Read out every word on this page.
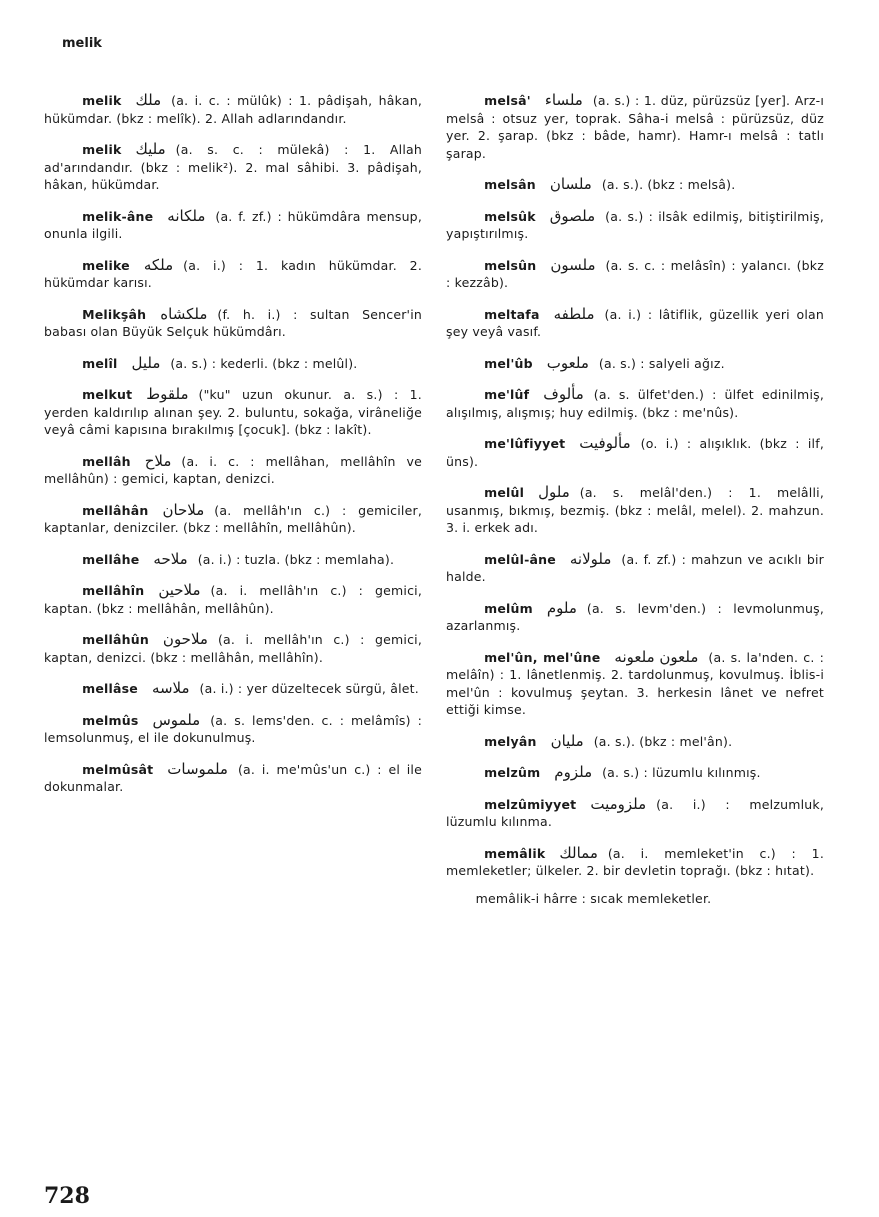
melik
   melik ملك (a. i. c. : mülûk) : 1. pâdişah, hâkan, hükümdar. (bkz : melîk). 2. Allah adlarındandır.
   melik مليك (a. s. c. : mülekâ) : 1. Allah ad'arındandır. (bkz : melik²). 2. mal sâhibi. 3. pâdişah, hâkan, hükümdar.
   melik-âne ملكانه (a. f. zf.) : hükümdâra mensup, onunla ilgili.
   melike ملكه (a. i.) : 1. kadın hükümdar. 2. hükümdar karısı.
   Melikşâh ملكشاه (f. h. i.) : sultan Sencer'in babası olan Büyük Selçuk hükümdârı.
   melîl مليل (a. s.) : kederli. (bkz : melûl).
   melkut ملقوط ("ku" uzun okunur. a. s.) : 1. yerden kaldırılıp alınan şey. 2. buluntu, sokağa, virâneliğe veyâ câmi kapısına bırakılmış [çocuk]. (bkz : lakît).
   mellâh ملاح (a. i. c. : mellâhan, mellâhîn ve mellâhûn) : gemici, kaptan, denizci.
   mellâhân ملاحان (a. mellâh'ın c.) : gemiciler, kaptanlar, denizciler. (bkz : mellâhîn, mellâhûn).
   mellâhe ملاحه (a. i.) : tuzla. (bkz : memlaha).
   mellâhîn ملاحين (a. i. mellâh'ın c.) : gemici, kaptan. (bkz : mellâhân, mellâhûn).
   mellâhûn ملاحون (a. i. mellâh'ın c.) : gemici, kaptan, denizci. (bkz : mellâhân, mellâhîn).
   mellâse ملاسه (a. i.) : yer düzeltecek sürgü, âlet.
   melmûs ملموس (a. s. lems'den. c. : melâmîs) : lemsolunmuş, el ile dokunulmuş.
   melmûsât ملموسات (a. i. me'mûs'un c.) : el ile dokunmalar.
   melsâ' ملساء (a. s.) : 1. düz, pürüzsüz [yer]. Arz-ı melsâ : otsuz yer, toprak. Sâha-i melsâ : pürüzsüz, düz yer. 2. şarap. (bkz : bâde, hamr). Hamr-ı melsâ : tatlı şarap.
   melsân ملسان (a. s.). (bkz : melsâ).
   melsûk ملصوق (a. s.) : ilsâk edilmiş, bitiştirilmiş, yapıştırılmış.
   melsûn ملسون (a. s. c. : melâsîn) : yalancı. (bkz : kezzâb).
   meltafa ملطفه (a. i.) : lâtiflik, güzellik yeri olan şey veyâ vasıf.
   mel'ûb ملعوب (a. s.) : salyeli ağız.
   me'lûf مألوف (a. s. ülfet'den.) : ülfet edinilmiş, alışılmış, alışmış; huy edilmiş. (bkz : me'nûs).
   me'lûfiyyet مألوفيت (o. i.) : alışıklık. (bkz : ilf, üns).
   melûl ملول (a. s. melâl'den.) : 1. melâlli, usanmış, bıkmış, bezmiş. (bkz : melâl, melel). 2. mahzun. 3. i. erkek adı.
   melûl-âne ملولانه (a. f. zf.) : mahzun ve acıklı bir halde.
   melûm ملوم (a. s. levm'den.) : levmolunmuş, azarlanmış.
   mel'ûn, mel'ûne ملعون ملعونه (a. s. la'nden. c. : melâîn) : 1. lânetlenmiş. 2. tardolunmuş, kovulmuş. İblis-i mel'ûn : kovulmuş şeytan. 3. herkesin lânet ve nefret ettiği kimse.
   melyân مليان (a. s.). (bkz : mel'ân).
   melzûm ملزوم (a. s.) : lüzumlu kılınmış.
   melzûmiyyet ملزوميت (a. i.) : melzumluk, lüzumlu kılınma.
   memâlik ممالك (a. i. memleket'in c.) : 1. memleketler; ülkeler. 2. bir devletin toprağı. (bkz : hıtat).
   memâlik-i hârre : sıcak memleketler.
728
